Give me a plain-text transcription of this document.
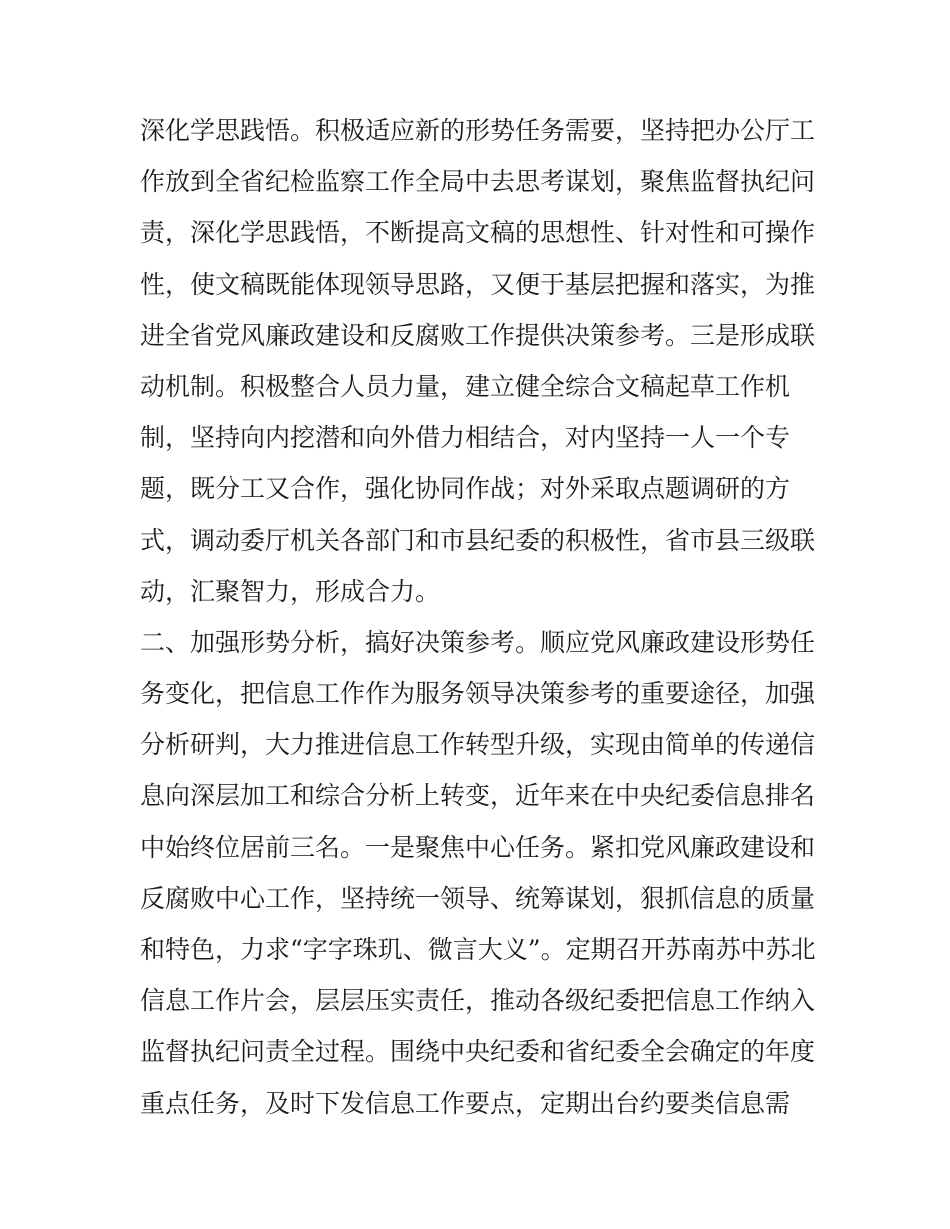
深化学思践悟。积极适应新的形势任务需要，坚持把办公厅工
作放到全省纪检监察工作全局中去思考谋划，聚焦监督执纪问
责，深化学思践悟，不断提高文稿的思想性、针对性和可操作
性，使文稿既能体现领导思路，又便于基层把握和落实，为推
进全省党风廉政建设和反腐败工作提供决策参考。三是形成联
动机制。积极整合人员力量，建立健全综合文稿起草工作机
制，坚持向内挖潜和向外借力相结合，对内坚持一人一个专
题，既分工又合作，强化协同作战；对外采取点题调研的方
式，调动委厅机关各部门和市县纪委的积极性，省市县三级联
动，汇聚智力，形成合力。
二、加强形势分析，搞好决策参考。顺应党风廉政建设形势任
务变化，把信息工作作为服务领导决策参考的重要途径，加强
分析研判，大力推进信息工作转型升级，实现由简单的传递信
息向深层加工和综合分析上转变，近年来在中央纪委信息排名
中始终位居前三名。一是聚焦中心任务。紧扣党风廉政建设和
反腐败中心工作，坚持统一领导、统筹谋划，狠抓信息的质量
和特色，力求“字字珠玑、微言大义”。定期召开苏南苏中苏北
信息工作片会，层层压实责任，推动各级纪委把信息工作纳入
监督执纪问责全过程。围绕中央纪委和省纪委全会确定的年度
重点任务，及时下发信息工作要点，定期出台约要类信息需
